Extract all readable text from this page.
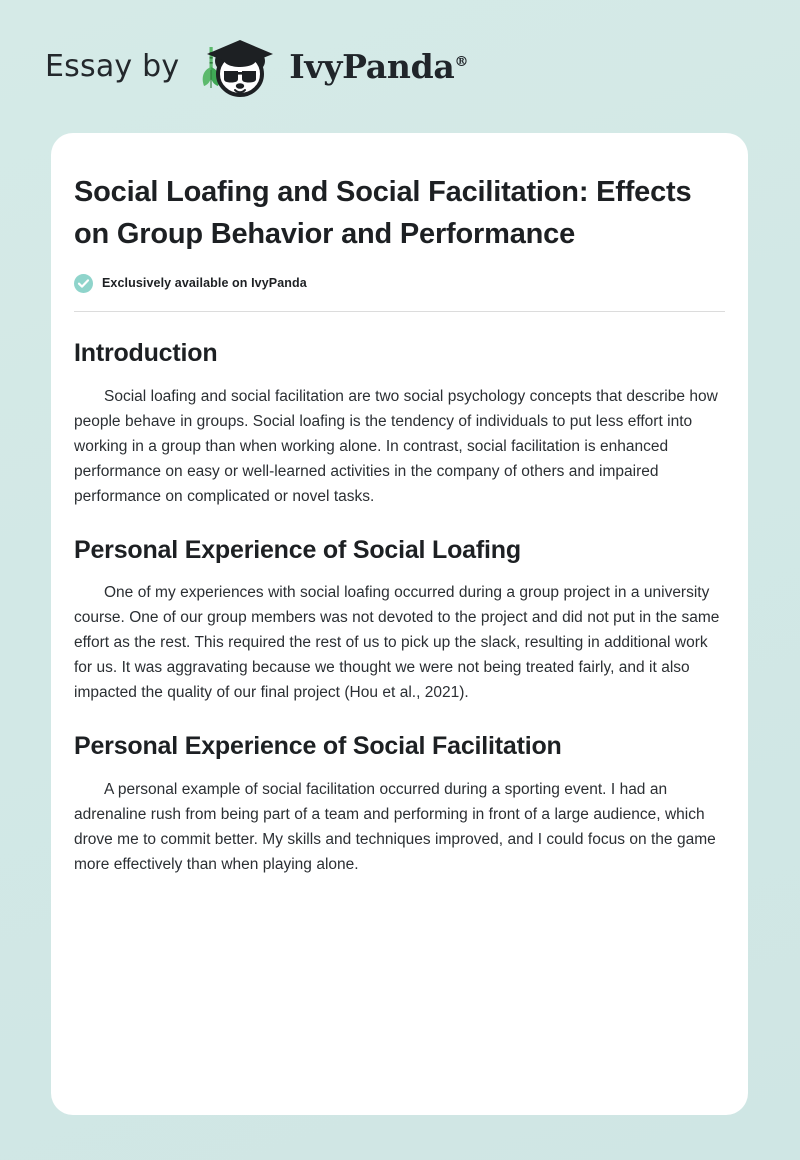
Essay by	IvyPanda®
Social Loafing and Social Facilitation: Effects on Group Behavior and Performance
Exclusively available on IvyPanda
Introduction

Social loafing and social facilitation are two social psychology concepts that describe how people behave in groups. Social loafing is the tendency of individuals to put less effort into working in a group than when working alone. In contrast, social facilitation is enhanced performance on easy or well-learned activities in the company of others and impaired performance on complicated or novel tasks.

Personal Experience of Social Loafing

One of my experiences with social loafing occurred during a group project in a university course. One of our group members was not devoted to the project and did not put in the same effort as the rest. This required the rest of us to pick up the slack, resulting in additional work for us. It was aggravating because we thought we were not being treated fairly, and it also impacted the quality of our final project (Hou et al., 2021).

Personal Experience of Social Facilitation

A personal example of social facilitation occurred during a sporting event. I had an adrenaline rush from being part of a team and performing in front of a large audience, which drove me to commit better. My skills and techniques improved, and I could focus on the game more effectively than when playing alone.
